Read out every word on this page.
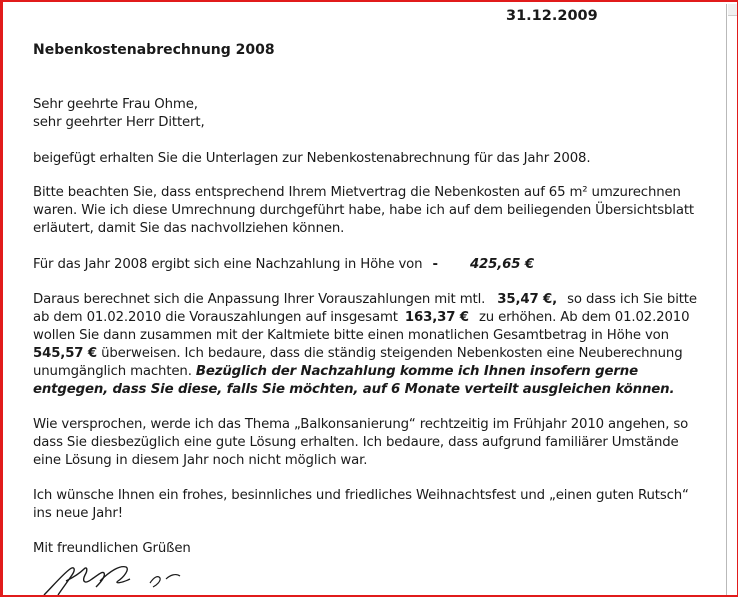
31.12.2009
Nebenkostenabrechnung 2008
Sehr geehrte Frau Ohme,
sehr geehrter Herr Dittert,
beigefügt erhalten Sie die Unterlagen zur Nebenkostenabrechnung für das Jahr 2008.
Bitte beachten Sie, dass entsprechend Ihrem Mietvertrag die Nebenkosten auf 65 m² umzurechnen
waren. Wie ich diese Umrechnung durchgeführt habe, habe ich auf dem beiliegenden Übersichtsblatt
erläutert, damit Sie das nachvollziehen können.
Für das Jahr 2008 ergibt sich eine Nachzahlung in Höhe von - 425,65 €
Daraus berechnet sich die Anpassung Ihrer Vorauszahlungen mit mtl. 35,47 €, so dass ich Sie bitte
ab dem 01.02.2010 die Vorauszahlungen auf insgesamt 163,37 € zu erhöhen. Ab dem 01.02.2010
wollen Sie dann zusammen mit der Kaltmiete bitte einen monatlichen Gesamtbetrag in Höhe von
545,57 € überweisen. Ich bedaure, dass die ständig steigenden Nebenkosten eine Neuberechnung
unumgänglich machten. Bezüglich der Nachzahlung komme ich Ihnen insofern gerne
entgegen, dass Sie diese, falls Sie möchten, auf 6 Monate verteilt ausgleichen können.
Wie versprochen, werde ich das Thema „Balkonsanierung“ rechtzeitig im Frühjahr 2010 angehen, so
dass Sie diesbezüglich eine gute Lösung erhalten. Ich bedaure, dass aufgrund familiärer Umstände
eine Lösung in diesem Jahr noch nicht möglich war.
Ich wünsche Ihnen ein frohes, besinnliches und friedliches Weihnachtsfest und „einen guten Rutsch“
ins neue Jahr!
Mit freundlichen Grüßen
